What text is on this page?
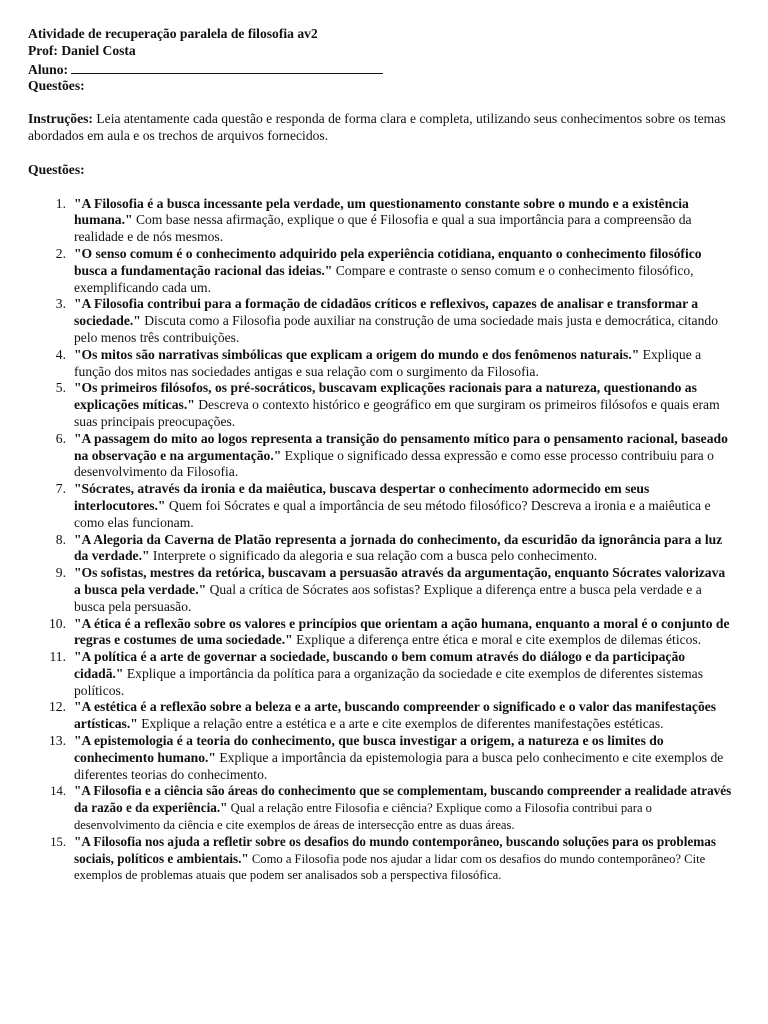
Atividade de recuperação paralela de filosofia av2
Prof: Daniel Costa
Aluno:
Questões:
Instruções: Leia atentamente cada questão e responda de forma clara e completa, utilizando seus conhecimentos sobre os temas abordados em aula e os trechos de arquivos fornecidos.
Questões:
1. "A Filosofia é a busca incessante pela verdade, um questionamento constante sobre o mundo e a existência humana." Com base nessa afirmação, explique o que é Filosofia e qual a sua importância para a compreensão da realidade e de nós mesmos.
2. "O senso comum é o conhecimento adquirido pela experiência cotidiana, enquanto o conhecimento filosófico busca a fundamentação racional das ideias." Compare e contraste o senso comum e o conhecimento filosófico, exemplificando cada um.
3. "A Filosofia contribui para a formação de cidadãos críticos e reflexivos, capazes de analisar e transformar a sociedade." Discuta como a Filosofia pode auxiliar na construção de uma sociedade mais justa e democrática, citando pelo menos três contribuições.
4. "Os mitos são narrativas simbólicas que explicam a origem do mundo e dos fenômenos naturais." Explique a função dos mitos nas sociedades antigas e sua relação com o surgimento da Filosofia.
5. "Os primeiros filósofos, os pré-socráticos, buscavam explicações racionais para a natureza, questionando as explicações míticas." Descreva o contexto histórico e geográfico em que surgiram os primeiros filósofos e quais eram suas principais preocupações.
6. "A passagem do mito ao logos representa a transição do pensamento mítico para o pensamento racional, baseado na observação e na argumentação." Explique o significado dessa expressão e como esse processo contribuiu para o desenvolvimento da Filosofia.
7. "Sócrates, através da ironia e da maiêutica, buscava despertar o conhecimento adormecido em seus interlocutores." Quem foi Sócrates e qual a importância de seu método filosófico? Descreva a ironia e a maiêutica e como elas funcionam.
8. "A Alegoria da Caverna de Platão representa a jornada do conhecimento, da escuridão da ignorância para a luz da verdade." Interprete o significado da alegoria e sua relação com a busca pelo conhecimento.
9. "Os sofistas, mestres da retórica, buscavam a persuasão através da argumentação, enquanto Sócrates valorizava a busca pela verdade." Qual a crítica de Sócrates aos sofistas? Explique a diferença entre a busca pela verdade e a busca pela persuasão.
10. "A ética é a reflexão sobre os valores e princípios que orientam a ação humana, enquanto a moral é o conjunto de regras e costumes de uma sociedade." Explique a diferença entre ética e moral e cite exemplos de dilemas éticos.
11. "A política é a arte de governar a sociedade, buscando o bem comum através do diálogo e da participação cidadã." Explique a importância da política para a organização da sociedade e cite exemplos de diferentes sistemas políticos.
12. "A estética é a reflexão sobre a beleza e a arte, buscando compreender o significado e o valor das manifestações artísticas." Explique a relação entre a estética e a arte e cite exemplos de diferentes manifestações estéticas.
13. "A epistemologia é a teoria do conhecimento, que busca investigar a origem, a natureza e os limites do conhecimento humano." Explique a importância da epistemologia para a busca pelo conhecimento e cite exemplos de diferentes teorias do conhecimento.
14. "A Filosofia e a ciência são áreas do conhecimento que se complementam, buscando compreender a realidade através da razão e da experiência." Qual a relação entre Filosofia e ciência? Explique como a Filosofia contribui para o desenvolvimento da ciência e cite exemplos de áreas de intersecção entre as duas áreas.
15. "A Filosofia nos ajuda a refletir sobre os desafios do mundo contemporâneo, buscando soluções para os problemas sociais, políticos e ambientais." Como a Filosofia pode nos ajudar a lidar com os desafios do mundo contemporâneo? Cite exemplos de problemas atuais que podem ser analisados sob a perspectiva filosófica.
